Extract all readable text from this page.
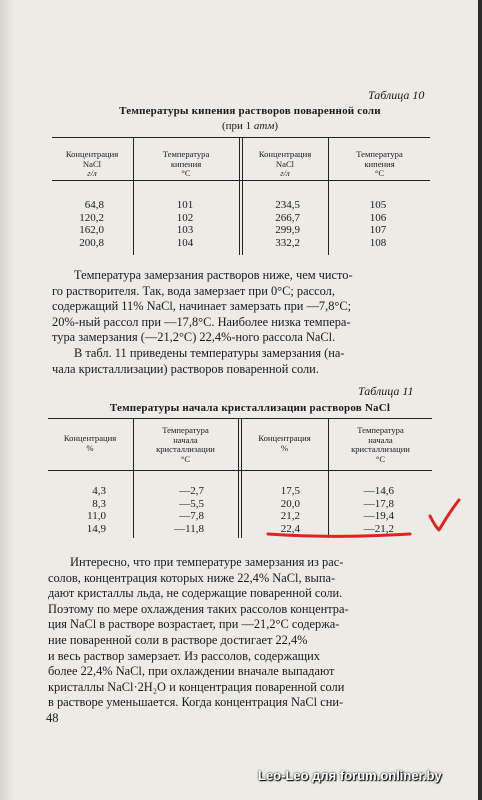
Таблица 10
Температуры кипения растворов поваренной соли
(при 1 атм)
Концентрация
NaCl
г/л
Температура
кипения
°C
Концентрация
NaCl
г/л
Температура
кипения
°C
64,8
120,2
162,0
200,8
101
102
103
104
234,5
266,7
299,9
332,2
105
106
107
108
Температура замерзания растворов ниже, чем чисто-
го растворителя. Так, вода замерзает при 0°С; рассол,
содержащий 11% NaCl, начинает замерзать при —7,8°С;
20%-ный рассол при —17,8°С. Наиболее низка темпера-
тура замерзания (—21,2°С) 22,4%-ного рассола NaCl.
В табл. 11 приведены температуры замерзания (на-
чала кристаллизации) растворов поваренной соли.
Таблица 11
Температуры начала кристаллизации растворов NaCl
Концентрация
%
Температура
начала
кристаллизации
°C
Концентрация
%
Температура
начала
кристаллизации
°C
4,3
8,3
11,0
14,9
—2,7
—5,5
—7,8
—11,8
17,5
20,0
21,2
22,4
—14,6
—17,8
—19,4
—21,2
Интересно, что при температуре замерзания из рас-
солов, концентрация которых ниже 22,4% NaCl, выпа-
дают кристаллы льда, не содержащие поваренной соли.
Поэтому по мере охлаждения таких рассолов концентра-
ция NaCl в растворе возрастает, при —21,2°С содержа-
ние поваренной соли в растворе достигает 22,4%
и весь раствор замерзает. Из рассолов, содержащих
более 22,4% NaCl, при охлаждении вначале выпадают
кристаллы NaCl·2H₂O и концентрация поваренной соли
в растворе уменьшается. Когда концентрация NaCl сни-
48
Leo-Leo для forum.onliner.by
